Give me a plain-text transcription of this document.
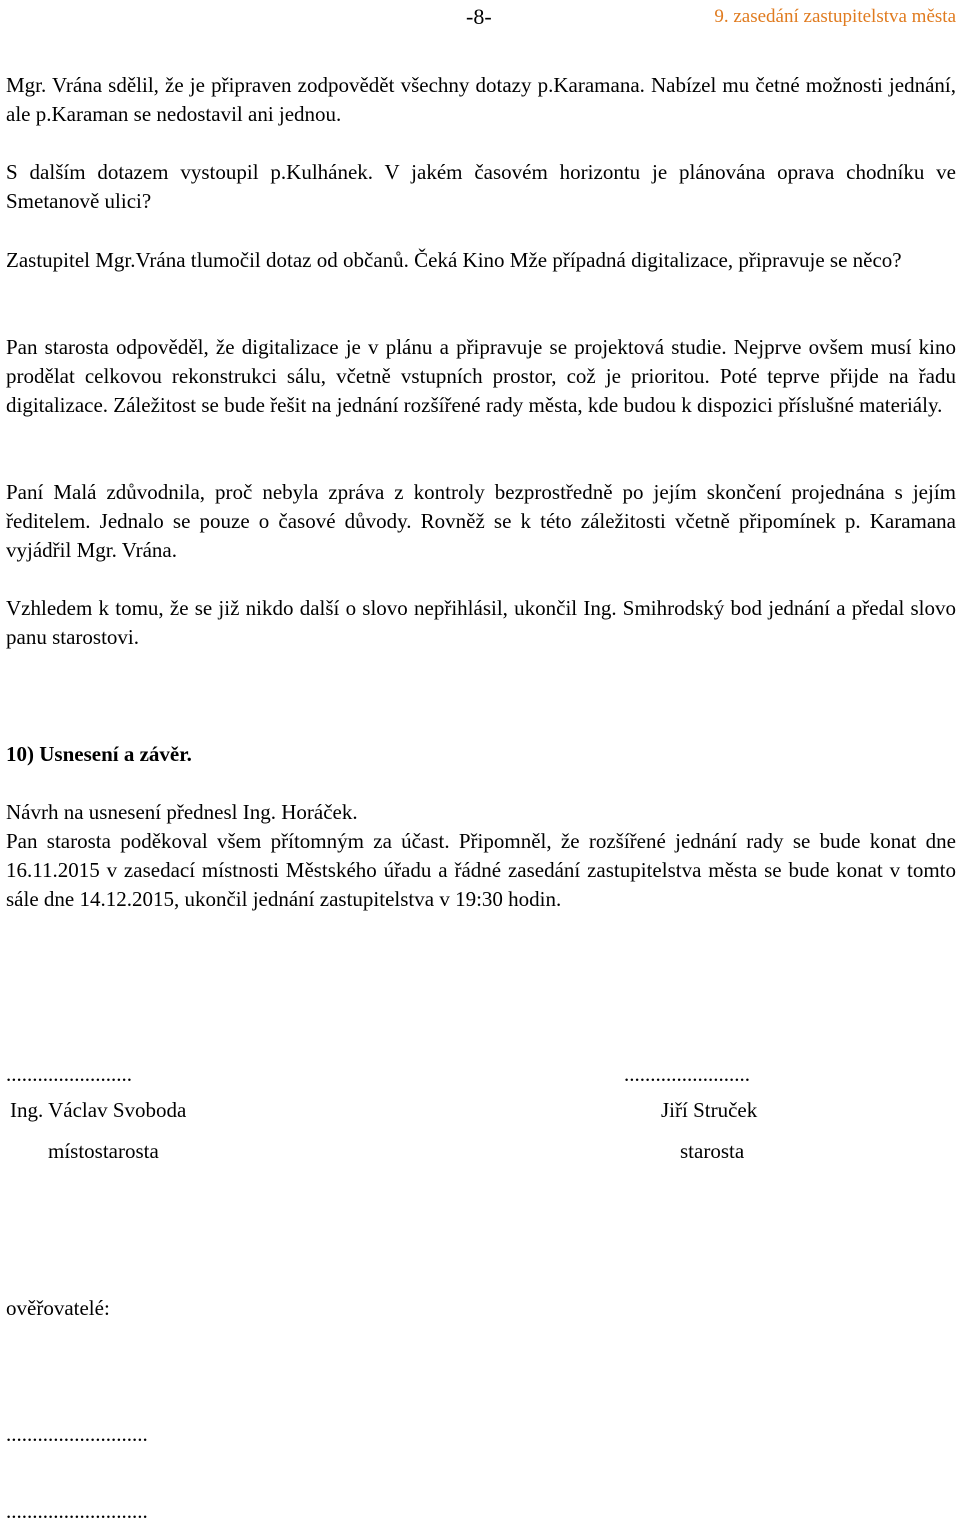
-8-	9. zasedání zastupitelstva města

Mgr. Vrána sdělil, že je připraven zodpovědět všechny dotazy p.Karamana. Nabízel mu četné možnosti jednání, ale p.Karaman se nedostavil ani jednou.

S dalším dotazem vystoupil p.Kulhánek. V jakém časovém horizontu je plánována oprava chodníku ve Smetanově ulici?

Zastupitel Mgr.Vrána tlumočil dotaz od občanů. Čeká Kino Mže případná digitalizace, připravuje se něco?

Pan starosta odpověděl, že digitalizace je v plánu a připravuje se projektová studie. Nejprve ovšem musí kino prodělat celkovou rekonstrukci sálu, včetně vstupních prostor, což je prioritou. Poté teprve přijde na řadu digitalizace. Záležitost se bude řešit na jednání rozšířené rady města, kde budou k dispozici příslušné materiály.

Paní Malá zdůvodnila, proč nebyla zpráva z kontroly bezprostředně po jejím skončení projednána s jejím ředitelem. Jednalo se pouze o časové důvody. Rovněž se k této záležitosti včetně připomínek p. Karamana vyjádřil Mgr. Vrána.

Vzhledem k tomu, že se již nikdo další o slovo nepřihlásil, ukončil Ing. Smihrodský bod jednání a předal slovo panu starostovi.

10) Usnesení a závěr.

Návrh na usnesení přednesl Ing. Horáček.

Pan starosta poděkoval všem přítomným za účast. Připomněl, že rozšířené jednání rady se bude konat dne 16.11.2015 v zasedací místnosti Městského úřadu a řádné zasedání zastupitelstva města se bude konat v tomto sále dne 14.12.2015, ukončil jednání zastupitelstva v 19:30 hodin.

........................
Ing. Václav Svoboda
místostarosta
........................
Jiří Struček
starosta
ověřovatelé:
...........................
...........................
